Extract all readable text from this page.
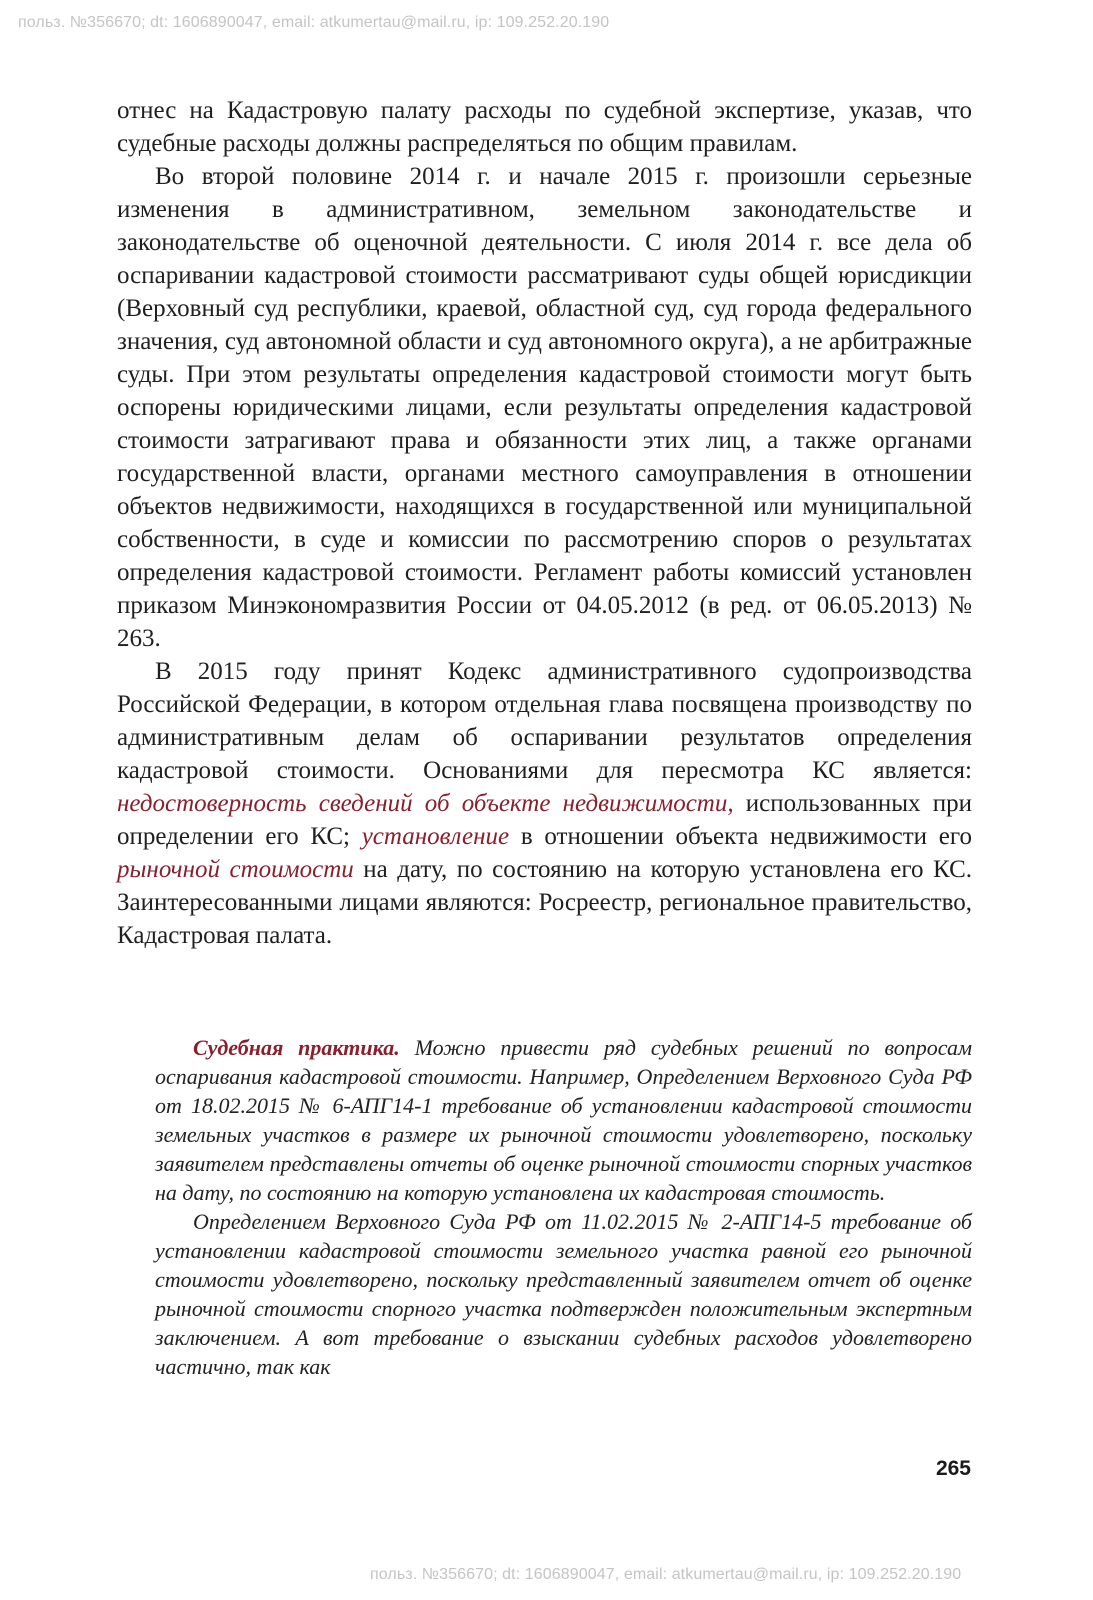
польз. №356670; dt: 1606890047, email: atkumertau@mail.ru, ip: 109.252.20.190

отнес на Кадастровую палату расходы по судебной экспертизе, указав, что судебные расходы должны распределяться по общим правилам.

Во второй половине 2014 г. и начале 2015 г. произошли серьезные изменения в административном, земельном законодательстве и законодательстве об оценочной деятельности. С июля 2014 г. все дела об оспаривании кадастровой стоимости рассматривают суды общей юрисдикции (Верховный суд республики, краевой, областной суд, суд города федерального значения, суд автономной области и суд автономного округа), а не арбитражные суды. При этом результаты определения кадастровой стоимости могут быть оспорены юридическими лицами, если результаты определения кадастровой стоимости затрагивают права и обязанности этих лиц, а также органами государственной власти, органами местного самоуправления в отношении объектов недвижимости, находящихся в государственной или муниципальной собственности, в суде и комиссии по рассмотрению споров о результатах определения кадастровой стоимости. Регламент работы комиссий установлен приказом Минэкономразвития России от 04.05.2012 (в ред. от 06.05.2013) № 263.

В 2015 году принят Кодекс административного судопроизводства Российской Федерации, в котором отдельная глава посвящена производству по административным делам об оспаривании результатов определения кадастровой стоимости. Основаниями для пересмотра КС является: недостоверность сведений об объекте недвижимости, использованных при определении его КС; установление в отношении объекта недвижимости его рыночной стоимости на дату, по состоянию на которую установлена его КС. Заинтересованными лицами являются: Росреестр, региональное правительство, Кадастровая палата.

Судебная практика. Можно привести ряд судебных решений по вопросам оспаривания кадастровой стоимости. Например, Определением Верховного Суда РФ от 18.02.2015 № 6-АПГ14-1 требование об установлении кадастровой стоимости земельных участков в размере их рыночной стоимости удовлетворено, поскольку заявителем представлены отчеты об оценке рыночной стоимости спорных участков на дату, по состоянию на которую установлена их кадастровая стоимость.

Определением Верховного Суда РФ от 11.02.2015 № 2-АПГ14-5 требование об установлении кадастровой стоимости земельного участка равной его рыночной стоимости удовлетворено, поскольку представленный заявителем отчет об оценке рыночной стоимости спорного участка подтвержден положительным экспертным заключением. А вот требование о взыскании судебных расходов удовлетворено частично, так как

265
польз. №356670; dt: 1606890047, email: atkumertau@mail.ru, ip: 109.252.20.190
